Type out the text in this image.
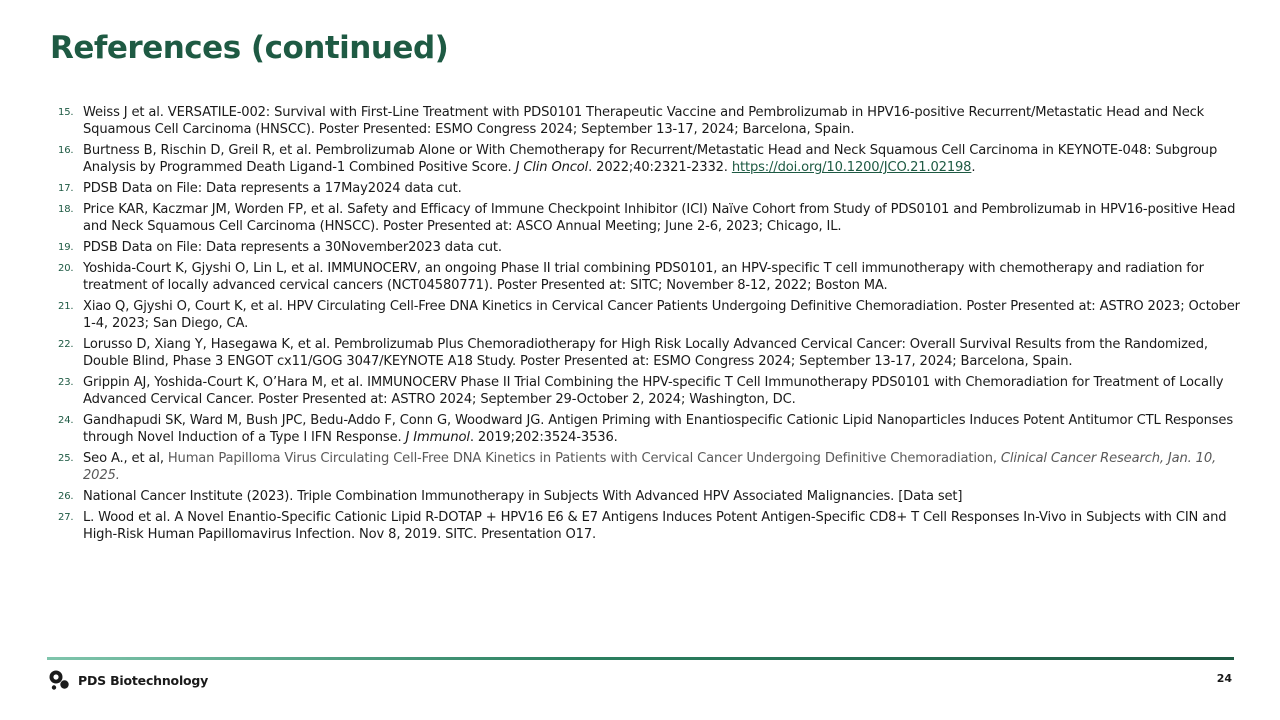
References (continued)
15. Weiss J et al. VERSATILE-002: Survival with First-Line Treatment with PDS0101 Therapeutic Vaccine and Pembrolizumab in HPV16-positive Recurrent/Metastatic Head and Neck Squamous Cell Carcinoma (HNSCC). Poster Presented: ESMO Congress 2024; September 13-17, 2024; Barcelona, Spain.
16. Burtness B, Rischin D, Greil R, et al. Pembrolizumab Alone or With Chemotherapy for Recurrent/Metastatic Head and Neck Squamous Cell Carcinoma in KEYNOTE-048: Subgroup Analysis by Programmed Death Ligand-1 Combined Positive Score. J Clin Oncol. 2022;40:2321-2332. https://doi.org/10.1200/JCO.21.02198.
17. PDSB Data on File: Data represents a 17May2024 data cut.
18. Price KAR, Kaczmar JM, Worden FP, et al. Safety and Efficacy of Immune Checkpoint Inhibitor (ICI) Naïve Cohort from Study of PDS0101 and Pembrolizumab in HPV16-positive Head and Neck Squamous Cell Carcinoma (HNSCC). Poster Presented at: ASCO Annual Meeting; June 2-6, 2023; Chicago, IL.
19. PDSB Data on File: Data represents a 30November2023 data cut.
20. Yoshida-Court K, Gjyshi O, Lin L, et al. IMMUNOCERV, an ongoing Phase II trial combining PDS0101, an HPV-specific T cell immunotherapy with chemotherapy and radiation for treatment of locally advanced cervical cancers (NCT04580771). Poster Presented at: SITC; November 8-12, 2022; Boston MA.
21. Xiao Q, Gjyshi O, Court K, et al. HPV Circulating Cell-Free DNA Kinetics in Cervical Cancer Patients Undergoing Definitive Chemoradiation. Poster Presented at: ASTRO 2023; October 1-4, 2023; San Diego, CA.
22. Lorusso D, Xiang Y, Hasegawa K, et al. Pembrolizumab Plus Chemoradiotherapy for High Risk Locally Advanced Cervical Cancer: Overall Survival Results from the Randomized, Double Blind, Phase 3 ENGOT cx11/GOG 3047/KEYNOTE A18 Study. Poster Presented at: ESMO Congress 2024; September 13-17, 2024; Barcelona, Spain.
23. Grippin AJ, Yoshida-Court K, O’Hara M, et al. IMMUNOCERV Phase II Trial Combining the HPV-specific T Cell Immunotherapy PDS0101 with Chemoradiation for Treatment of Locally Advanced Cervical Cancer. Poster Presented at: ASTRO 2024; September 29-October 2, 2024; Washington, DC.
24. Gandhapudi SK, Ward M, Bush JPC, Bedu-Addo F, Conn G, Woodward JG. Antigen Priming with Enantiospecific Cationic Lipid Nanoparticles Induces Potent Antitumor CTL Responses through Novel Induction of a Type I IFN Response. J Immunol. 2019;202:3524-3536.
25. Seo A., et al, Human Papilloma Virus Circulating Cell-Free DNA Kinetics in Patients with Cervical Cancer Undergoing Definitive Chemoradiation, Clinical Cancer Research, Jan. 10, 2025.
26. National Cancer Institute (2023). Triple Combination Immunotherapy in Subjects With Advanced HPV Associated Malignancies. [Data set]
27. L. Wood et al. A Novel Enantio-Specific Cationic Lipid R-DOTAP + HPV16 E6 & E7 Antigens Induces Potent Antigen-Specific CD8+ T Cell Responses In-Vivo in Subjects with CIN and High-Risk Human Papillomavirus Infection. Nov 8, 2019. SITC. Presentation O17.
PDS Biotechnology	24
